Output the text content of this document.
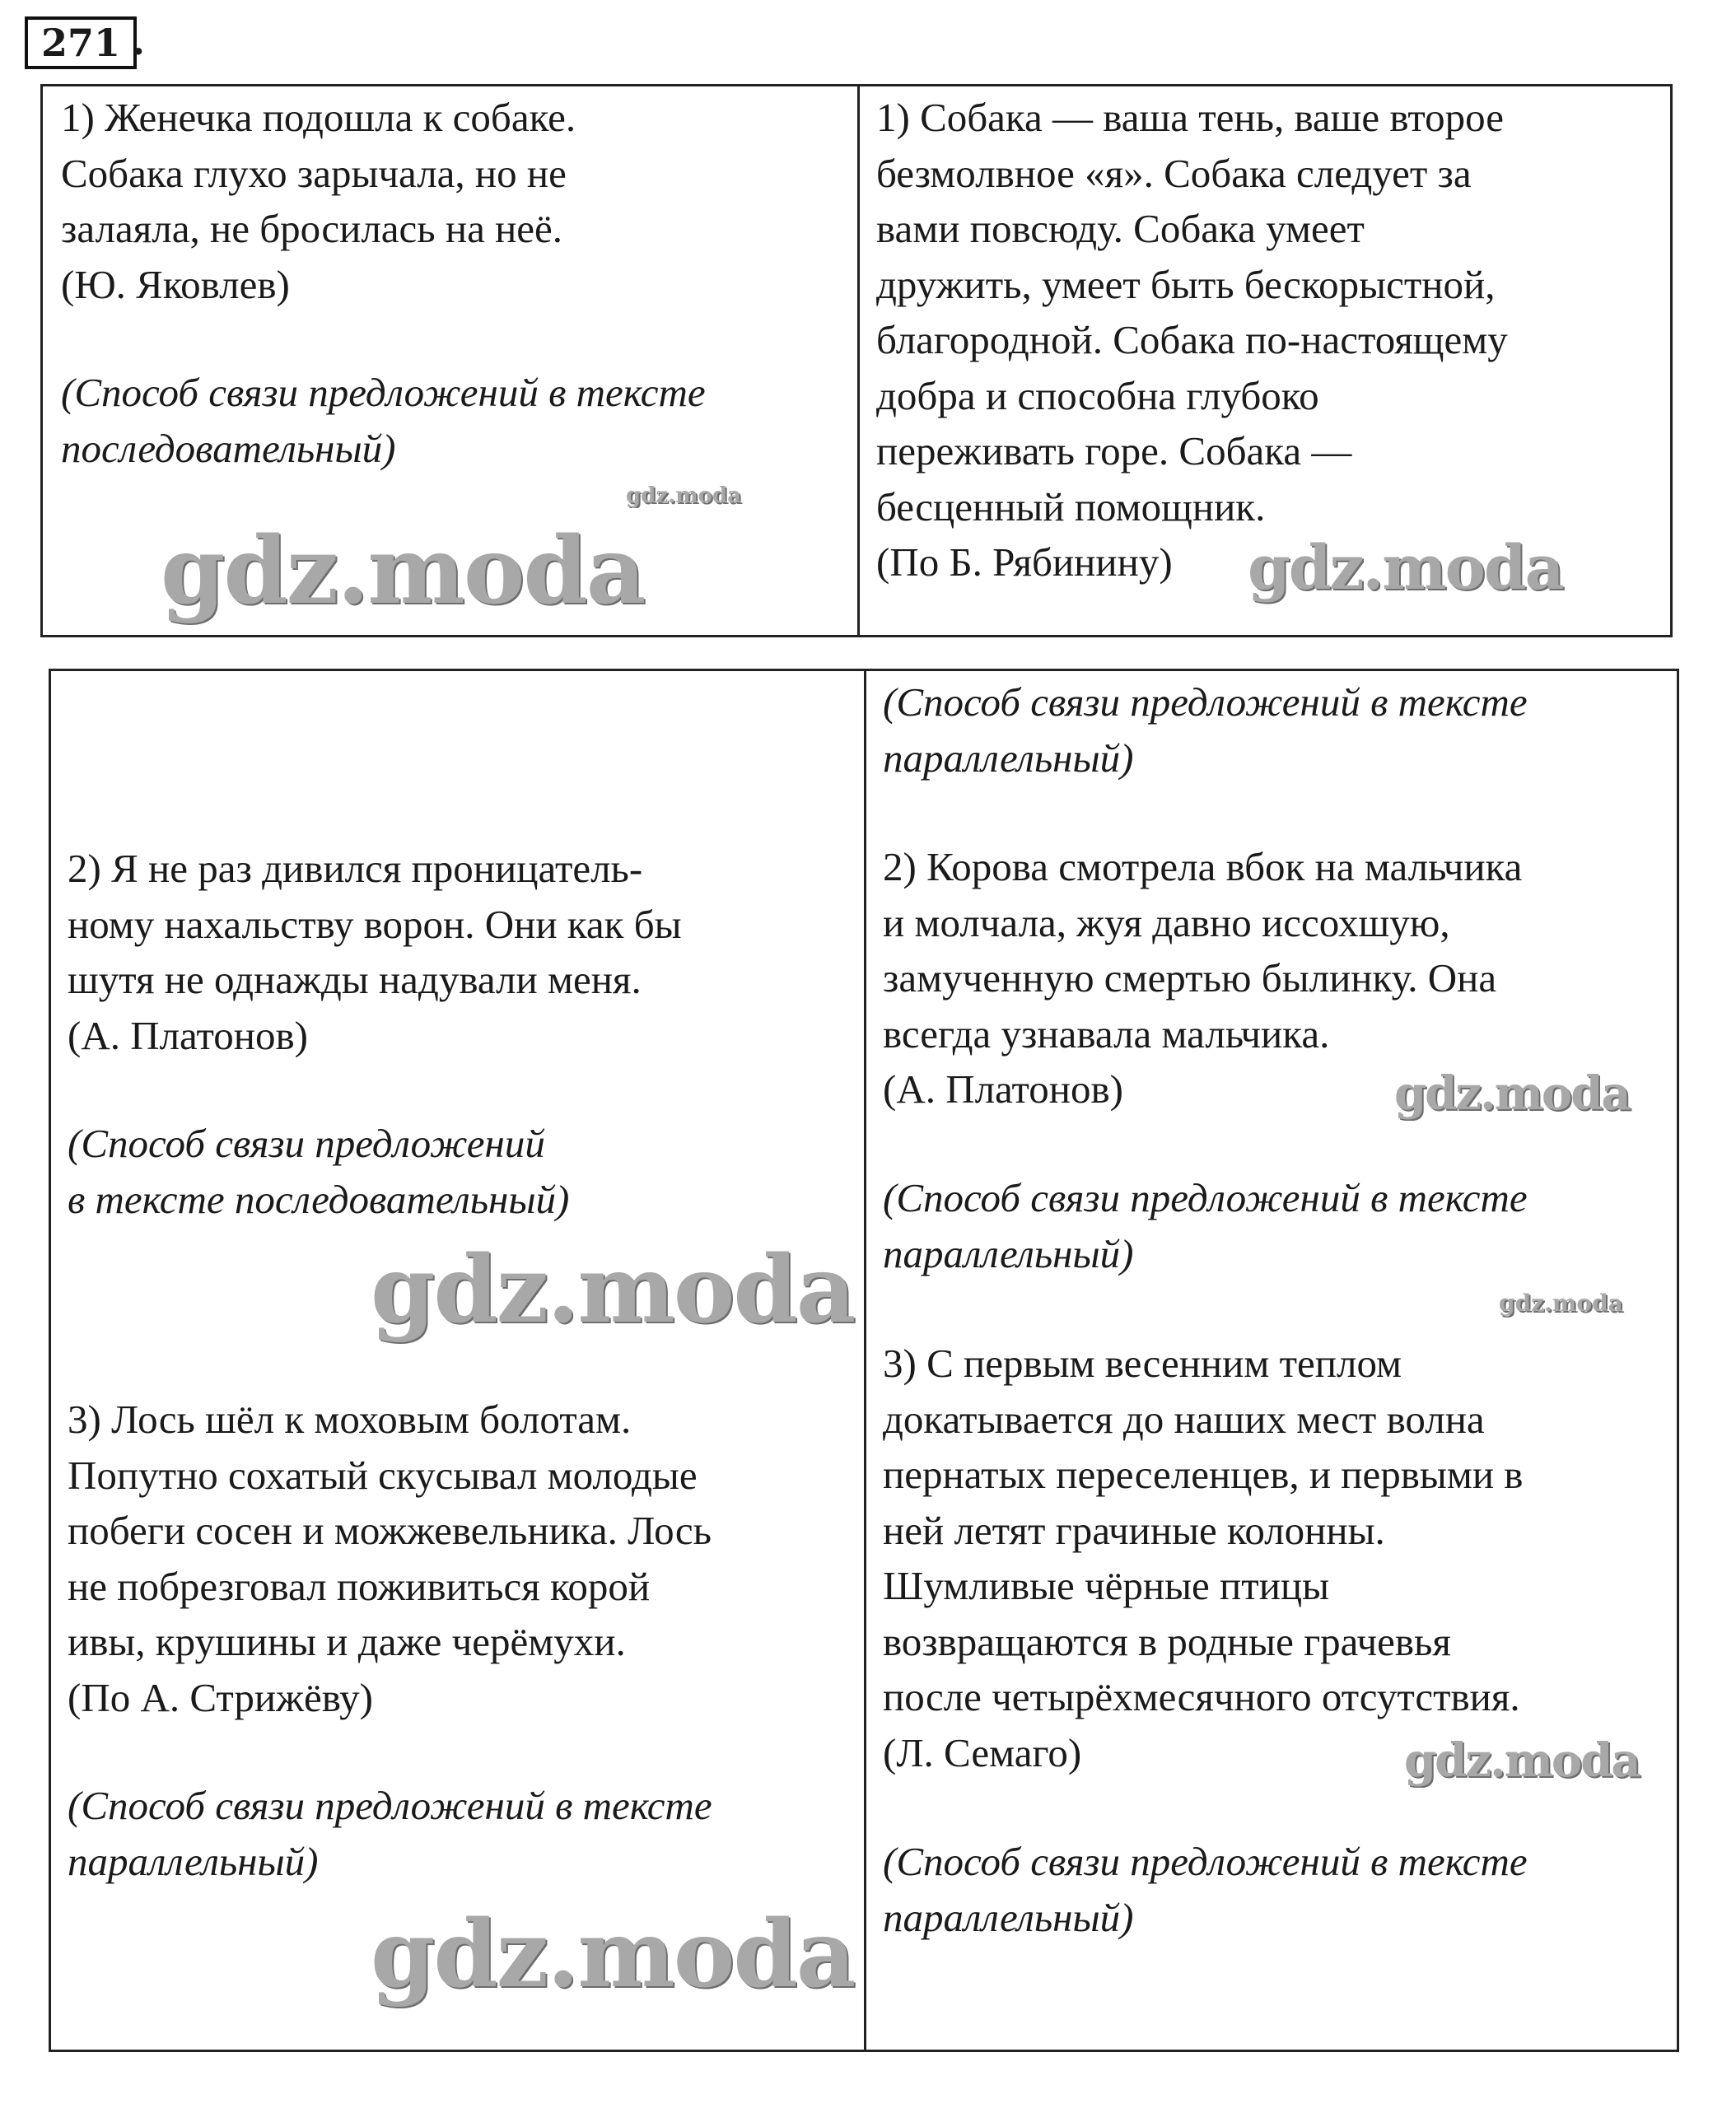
271 .
1) Женечка подошла к собаке.
Собака глухо зарычала, но не
залаяла, не бросилась на неё.
(Ю. Яковлев)
(Способ связи предложений в тексте
последовательный)
1) Собака — ваша тень, ваше второе
безмолвное «я». Собака следует за
вами повсюду. Собака умеет
дружить, умеет быть бескорыстной,
благородной. Собака по-настоящему
добра и способна глубоко
переживать горе. Собака —
бесценный помощник.
(По Б. Рябинину)
2) Я не раз дивился проницатель-
ному нахальству ворон. Они как бы
шутя не однажды надували меня.
(А. Платонов)
(Способ связи предложений
в тексте последовательный)
3) Лось шёл к моховым болотам.
Попутно сохатый скусывал молодые
побеги сосен и можжевельника. Лось
не побрезговал поживиться корой
ивы, крушины и даже черёмухи.
(По А. Стрижёву)
(Способ связи предложений в тексте
параллельный)
(Способ связи предложений в тексте
параллельный)
2) Корова смотрела вбок на мальчика
и молчала, жуя давно иссохшую,
замученную смертью былинку. Она
всегда узнавала мальчика.
(А. Платонов)
(Способ связи предложений в тексте
параллельный)
3) С первым весенним теплом
докатывается до наших мест волна
пернатых переселенцев, и первыми в
ней летят грачиные колонны.
Шумливые чёрные птицы
возвращаются в родные грачевья
после четырёхмесячного отсутствия.
(Л. Семаго)
(Способ связи предложений в тексте
параллельный)
gdz.moda	gdz.moda
gdz.moda
gdz.moda
gdz.moda
gdz.moda
gdz.moda
gdz.moda
